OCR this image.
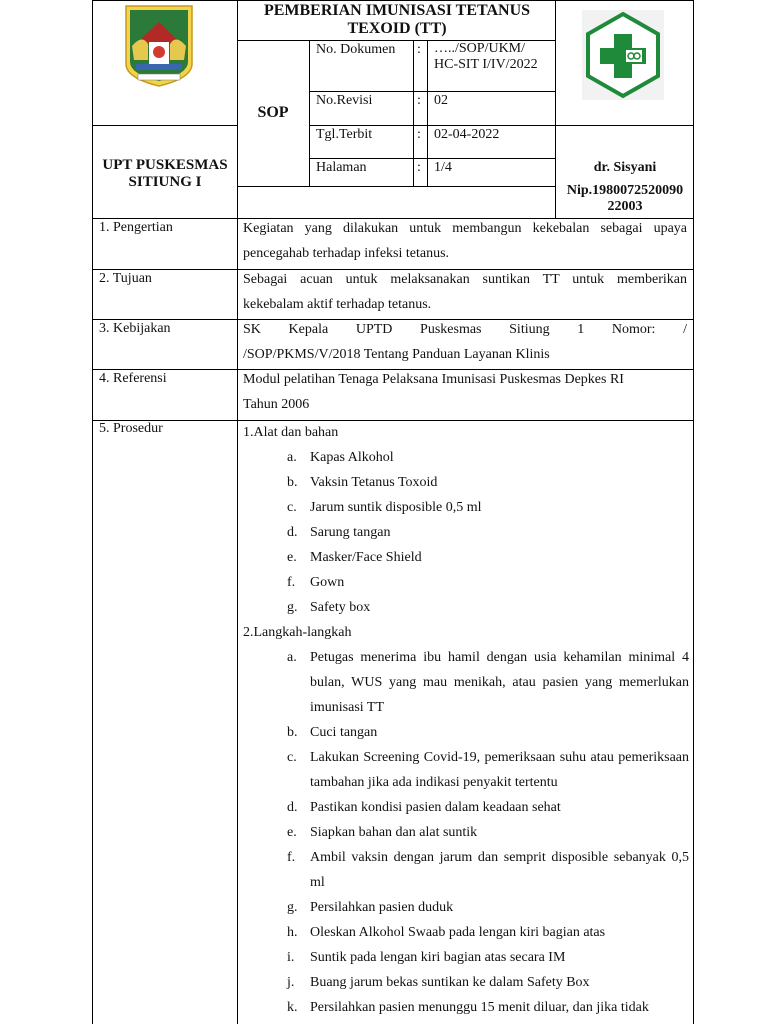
PEMBERIAN IMUNISASI TETANUS TEXOID (TT)
SOP
UPT PUSKESMAS
SITIUNG I
No. Dokumen : …../SOP/UKM/ HC-SIT I/IV/2022
No.Revisi	: 02
Tgl.Terbit	: 02-04-2022
Halaman	: 1/4	dr. Sisyani
Nip.1980072520090
22003
1. Pengertian	Kegiatan yang dilakukan untuk membangun kekebalan sebagai upaya
pencegahab terhadap infeksi tetanus.
2. Tujuan	Sebagai acuan untuk melaksanakan suntikan TT untuk memberikan
kekebalam aktif terhadap tetanus.
3. Kebijakan	SK Kepala UPTD Puskesmas Sitiung 1 Nomor: /
/SOP/PKMS/V/2018 Tentang Panduan Layanan Klinis
4. Referensi	Modul pelatihan Tenaga Pelaksana Imunisasi Puskesmas Depkes RI
Tahun 2006
5. Prosedur	1.Alat dan bahan
a. Kapas Alkohol
b. Vaksin Tetanus Toxoid
c. Jarum suntik disposible 0,5 ml
d. Sarung tangan
e. Masker/Face Shield
f. Gown
g. Safety box
2.Langkah-langkah
a. Petugas menerima ibu hamil dengan usia kehamilan minimal 4 bulan, WUS yang mau menikah, atau pasien yang memerlukan imunisasi TT
b. Cuci tangan
c. Lakukan Screening Covid-19, pemeriksaan suhu atau pemeriksaan tambahan jika ada indikasi penyakit tertentu
d. Pastikan kondisi pasien dalam keadaan sehat
e. Siapkan bahan dan alat suntik
f. Ambil vaksin dengan jarum dan semprit disposible sebanyak 0,5 ml
g. Persilahkan pasien duduk
h. Oleskan Alkohol Swaab pada lengan kiri bagian atas
i. Suntik pada lengan kiri bagian atas secara IM
j. Buang jarum bekas suntikan ke dalam Safety Box
k. Persilahkan pasien menunggu 15 menit diluar, dan jika tidak
